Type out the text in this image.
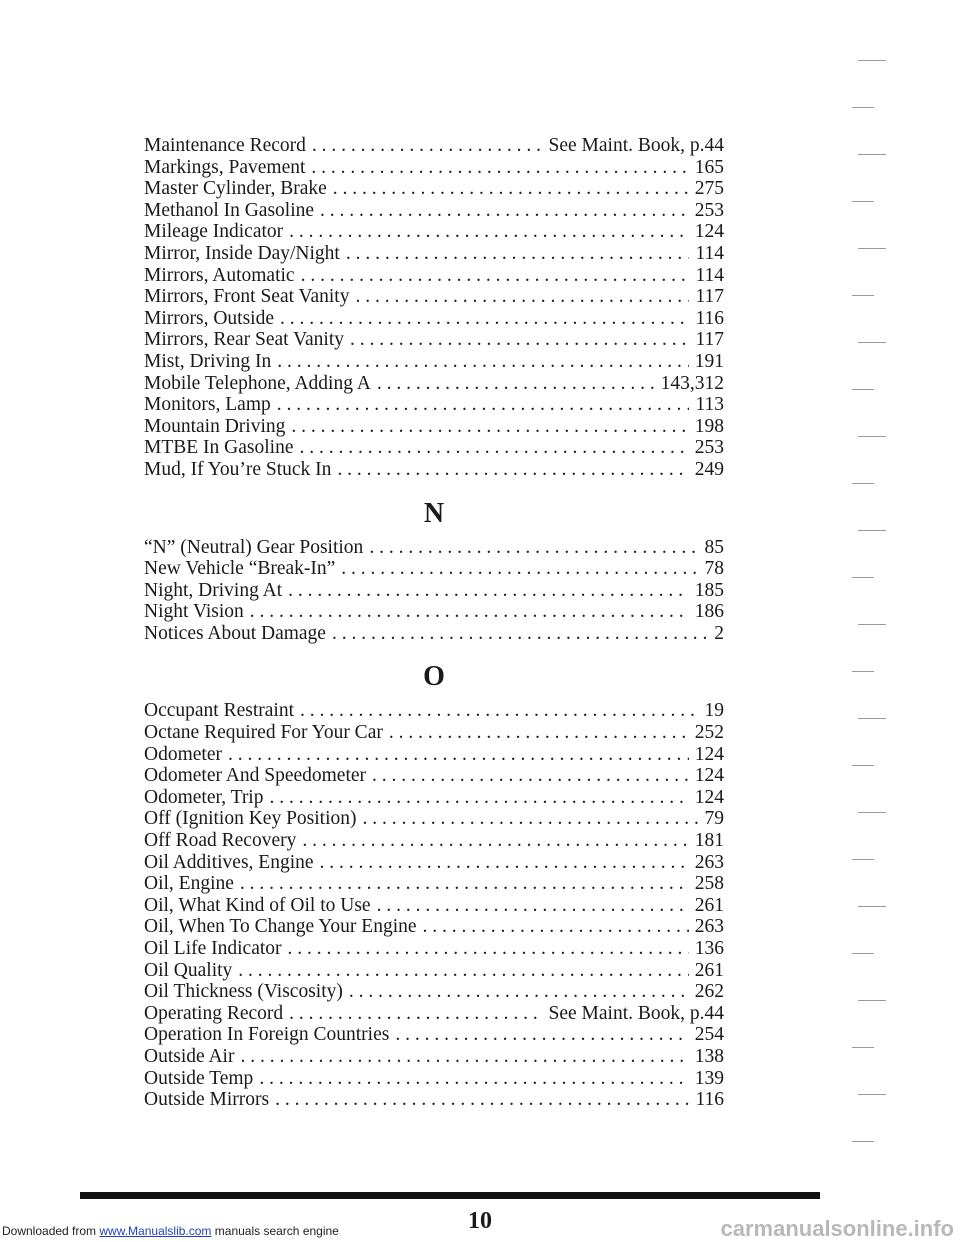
Maintenance Record . . .	See Maint. Book, p.44
Markings, Pavement . . .	165
Master Cylinder, Brake . . .	275
Methanol In Gasoline . . .	253
Mileage Indicator . . .	124
Mirror, Inside Day/Night . . .	114
Mirrors, Automatic . . .	114
Mirrors, Front Seat Vanity . . .	117
Mirrors, Outside . . .	116
Mirrors, Rear Seat Vanity . . .	117
Mist, Driving In . . .	191
Mobile Telephone, Adding A . . .	143,312
Monitors, Lamp . . .	113
Mountain Driving . . .	198
MTBE In Gasoline . . .	253
Mud, If You’re Stuck In . . .	249
N
“N” (Neutral) Gear Position . . .	85
New Vehicle “Break-In” . . .	78
Night, Driving At . . .	185
Night Vision . . .	186
Notices About Damage . . .	2
O
Occupant Restraint . . .	19
Octane Required For Your Car . . .	252
Odometer . . .	124
Odometer And Speedometer . . .	124
Odometer, Trip . . .	124
Off (Ignition Key Position) . . .	79
Off Road Recovery . . .	181
Oil Additives, Engine . . .	263
Oil, Engine . . .	258
Oil, What Kind of Oil to Use . . .	261
Oil, When To Change Your Engine . . .	263
Oil Life Indicator . . .	136
Oil Quality . . .	261
Oil Thickness (Viscosity) . . .	262
Operating Record . . .	See Maint. Book, p.44
Operation In Foreign Countries . . .	254
Outside Air . . .	138
Outside Temp . . .	139
Outside Mirrors . . .	116
10
Downloaded from www.Manualslib.com manuals search engine	carmanualsonline.info
